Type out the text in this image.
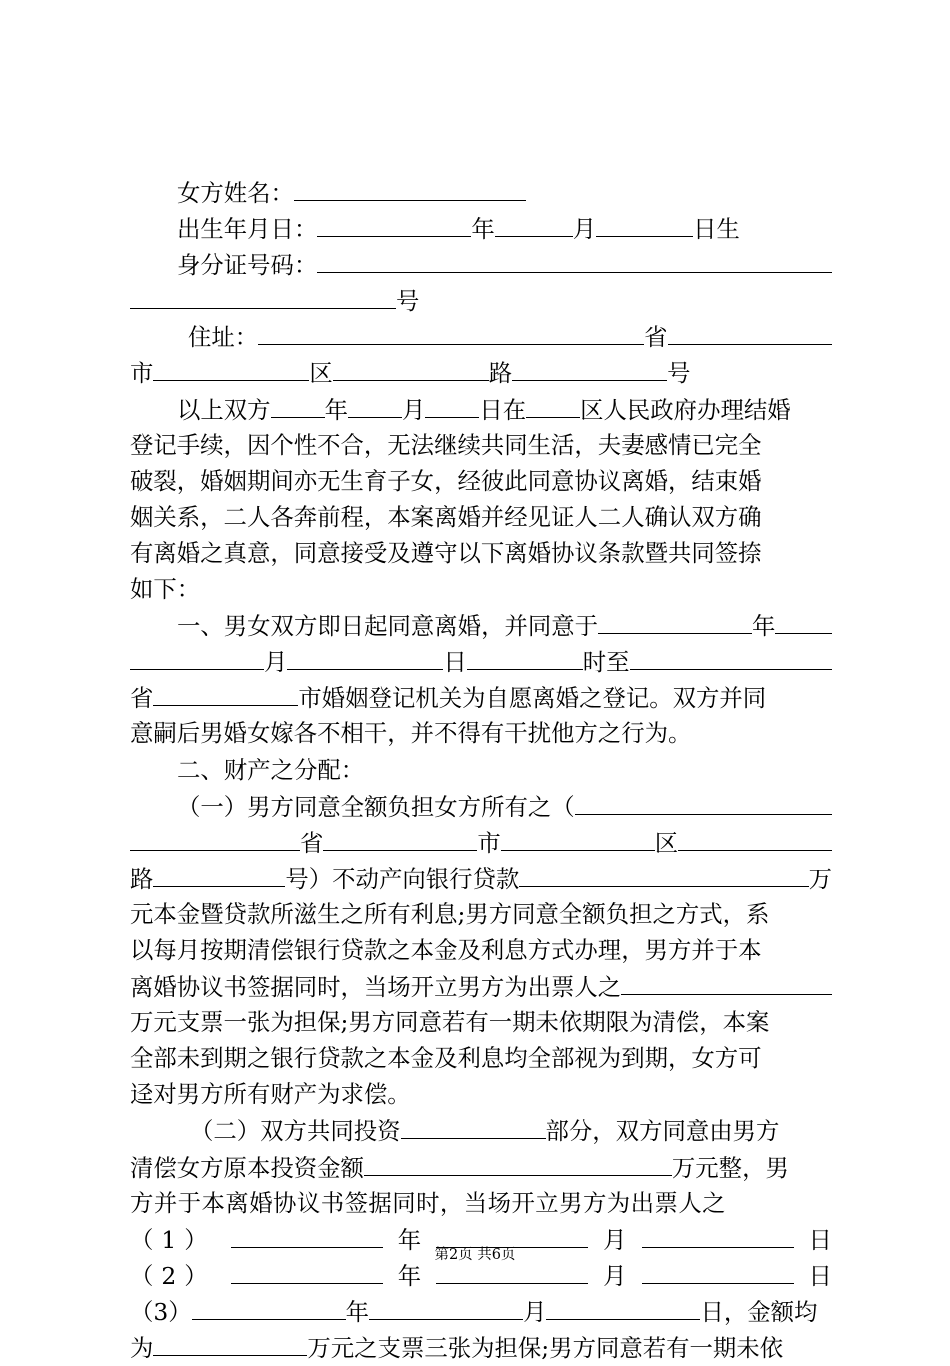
女方姓名：
出生年月日：	年	月	日生
身分证号码：
号
住址：	省
市	区	路	号
以上双方 年 月 日在 区人民政府办理结婚
登记手续，因个性不合，无法继续共同生活，夫妻感情已完全
破裂，婚姻期间亦无生育子女，经彼此同意协议离婚，结束婚
姻关系，二人各奔前程，本案离婚并经见证人二人确认双方确
有离婚之真意，同意接受及遵守以下离婚协议条款暨共同签捺
如下：
一、男女双方即日起同意离婚，并同意于	年
月	日	时至
省	市婚姻登记机关为自愿离婚之登记。双方并同
意嗣后男婚女嫁各不相干，并不得有干扰他方之行为。
二、财产之分配：
（一）男方同意全额负担女方所有之（
省	市	区
路	号）不动产向银行贷款	万
元本金暨贷款所滋生之所有利息;男方同意全额负担之方式，系
以每月按期清偿银行贷款之本金及利息方式办理，男方并于本
离婚协议书签据同时，当场开立男方为出票人之
万元支票一张为担保;男方同意若有一期未依期限为清偿，本案
全部未到期之银行贷款之本金及利息均全部视为到期，女方可
迳对男方所有财产为求偿。
（二）双方共同投资	部分，双方同意由男方
清偿女方原本投资金额	万元整，男
方并于本离婚协议书签据同时，当场开立男方为出票人之
（1）	年	月	日
（2）	年	月	日
（3）	年	月	日，金额均
为	万元之支票三张为担保;男方同意若有一期未依
第2页 共6页
